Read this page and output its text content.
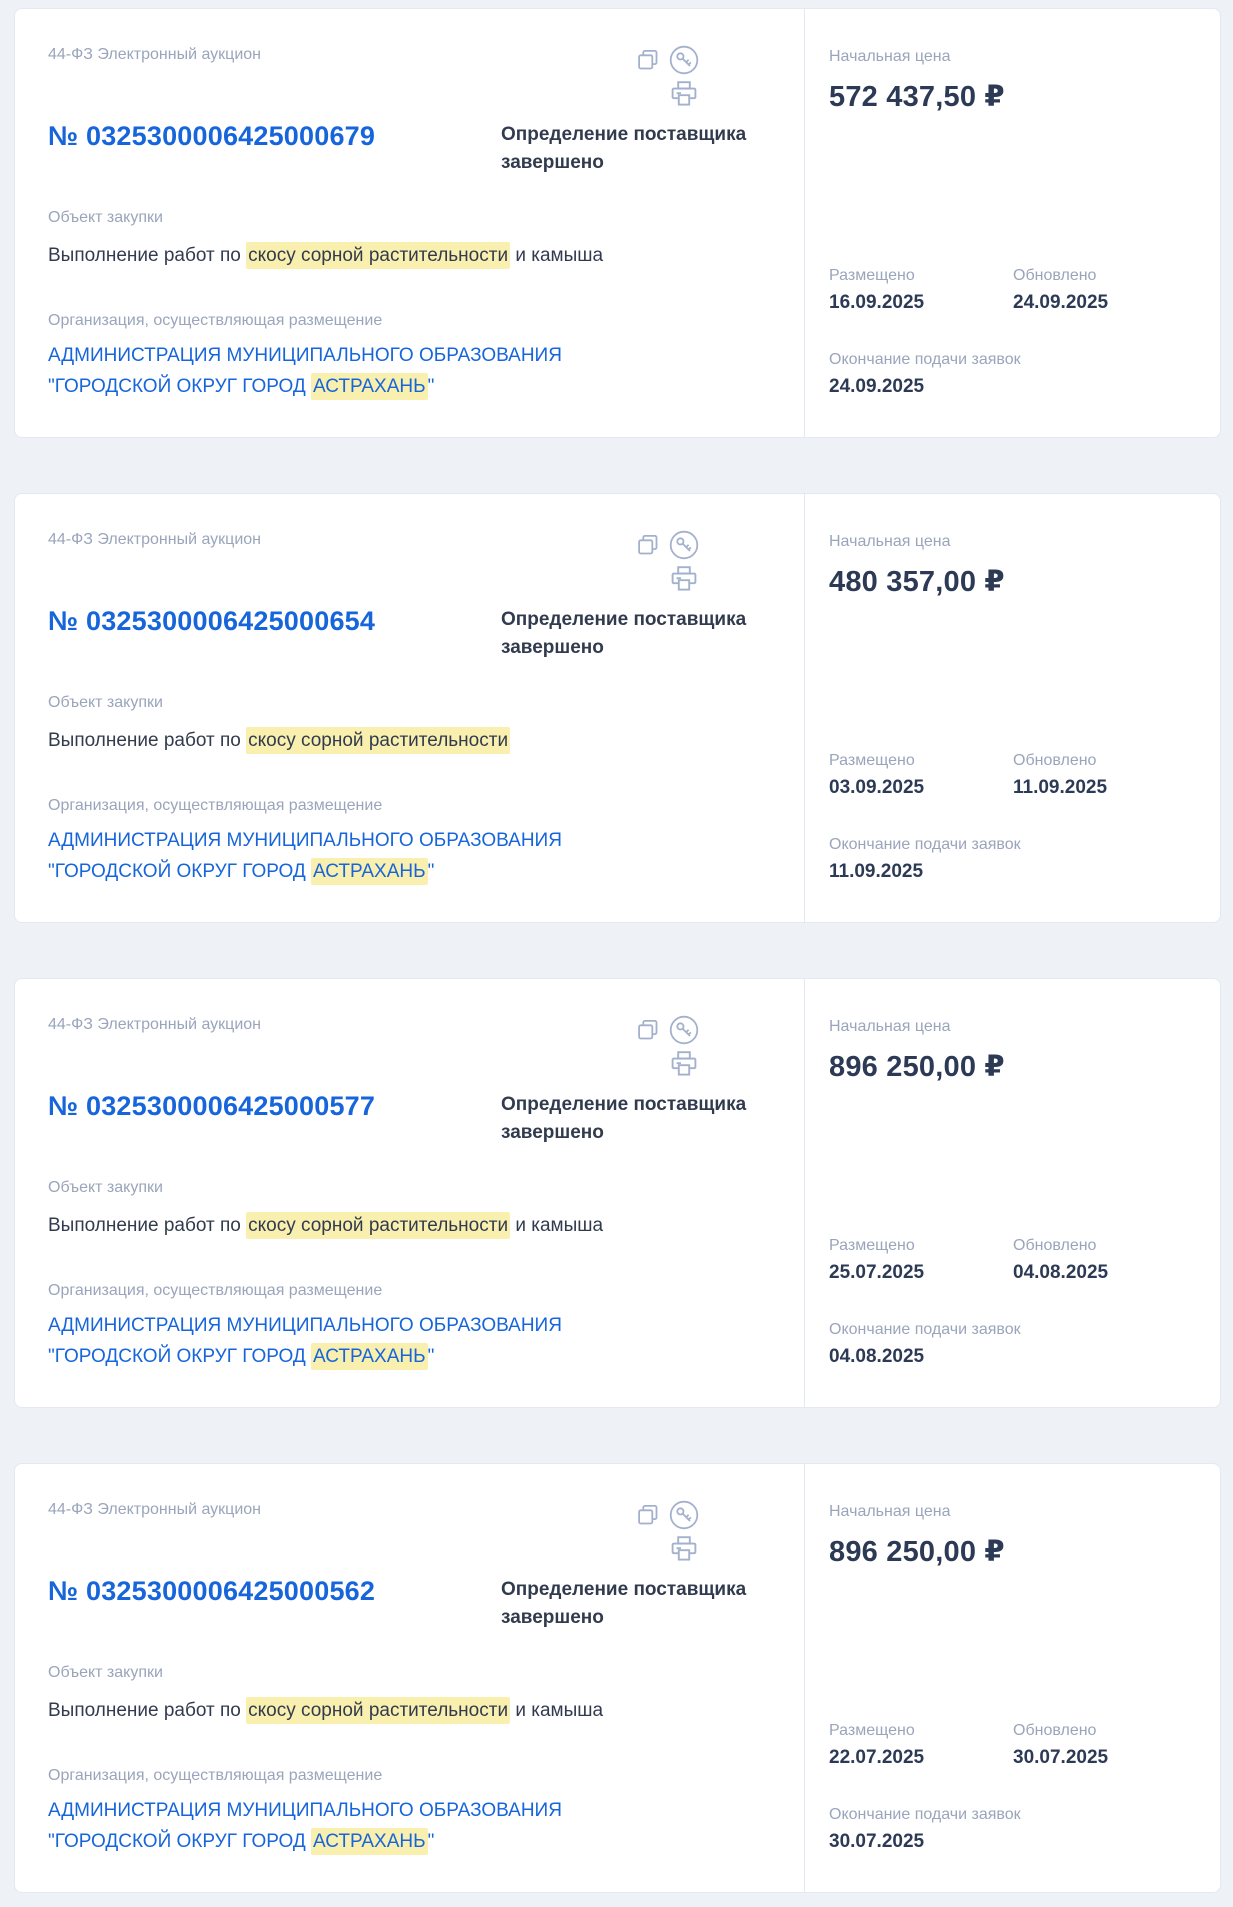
44-ФЗ Электронный аукцион
№ 0325300006425000679	Определение поставщика завершено
Объект закупки
Выполнение работ по скосу сорной растительности и камыша
Организация, осуществляющая размещение
АДМИНИСТРАЦИЯ МУНИЦИПАЛЬНОГО ОБРАЗОВАНИЯ "ГОРОДСКОЙ ОКРУГ ГОРОД АСТРАХАНЬ "
Начальная цена
572 437,50 ₽
Размещено
16.09.2025
Обновлено
24.09.2025
Окончание подачи заявок
24.09.2025
44-ФЗ Электронный аукцион
№ 0325300006425000654	Определение поставщика завершено
Объект закупки
Выполнение работ по скосу сорной растительности
Организация, осуществляющая размещение
АДМИНИСТРАЦИЯ МУНИЦИПАЛЬНОГО ОБРАЗОВАНИЯ "ГОРОДСКОЙ ОКРУГ ГОРОД АСТРАХАНЬ "
Начальная цена
480 357,00 ₽
Размещено
03.09.2025
Обновлено
11.09.2025
Окончание подачи заявок
11.09.2025
44-ФЗ Электронный аукцион
№ 0325300006425000577	Определение поставщика завершено
Объект закупки
Выполнение работ по скосу сорной растительности и камыша
Организация, осуществляющая размещение
АДМИНИСТРАЦИЯ МУНИЦИПАЛЬНОГО ОБРАЗОВАНИЯ "ГОРОДСКОЙ ОКРУГ ГОРОД АСТРАХАНЬ "
Начальная цена
896 250,00 ₽
Размещено
25.07.2025
Обновлено
04.08.2025
Окончание подачи заявок
04.08.2025
44-ФЗ Электронный аукцион
№ 0325300006425000562	Определение поставщика завершено
Объект закупки
Выполнение работ по скосу сорной растительности и камыша
Организация, осуществляющая размещение
АДМИНИСТРАЦИЯ МУНИЦИПАЛЬНОГО ОБРАЗОВАНИЯ "ГОРОДСКОЙ ОКРУГ ГОРОД АСТРАХАНЬ "
Начальная цена
896 250,00 ₽
Размещено
22.07.2025
Обновлено
30.07.2025
Окончание подачи заявок
30.07.2025
